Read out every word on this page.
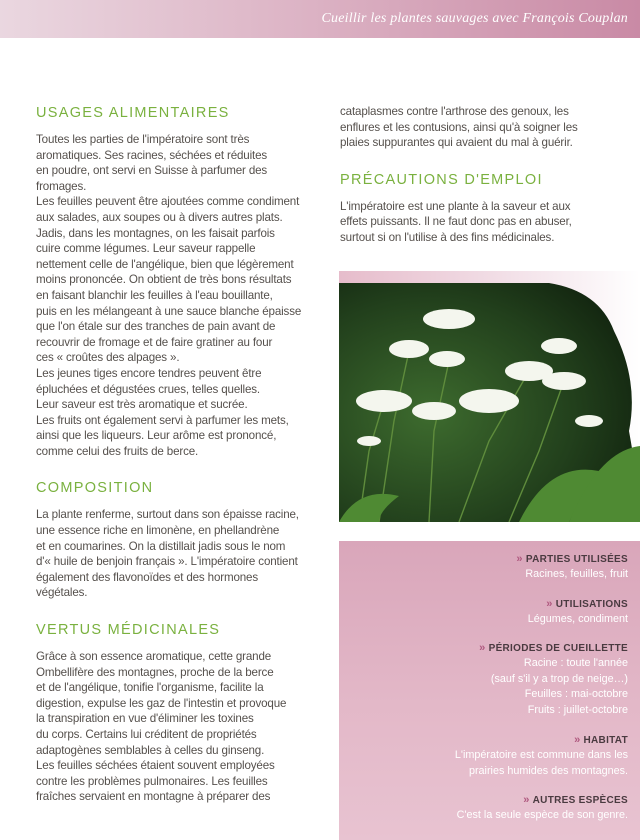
Cueillir les plantes sauvages avec François Couplan
USAGES ALIMENTAIRES

Toutes les parties de l'impératoire sont très

aromatiques. Ses racines, séchées et réduites

en poudre, ont servi en Suisse à parfumer des

fromages.

Les feuilles peuvent être ajoutées comme condiment

aux salades, aux soupes ou à divers autres plats.

Jadis, dans les montagnes, on les faisait parfois

cuire comme légumes. Leur saveur rappelle

nettement celle de l'angélique, bien que légèrement

moins prononcée. On obtient de très bons résultats

en faisant blanchir les feuilles à l'eau bouillante,

puis en les mélangeant à une sauce blanche épaisse

que l'on étale sur des tranches de pain avant de

recouvrir de fromage et de faire gratiner au four

ces « croûtes des alpages ».

Les jeunes tiges encore tendres peuvent être

épluchées et dégustées crues, telles quelles.

Leur saveur est très aromatique et sucrée.

Les fruits ont également servi à parfumer les mets,

ainsi que les liqueurs. Leur arôme est prononcé,

comme celui des fruits de berce.

COMPOSITION

La plante renferme, surtout dans son épaisse racine,

une essence riche en limonène, en phellandrène

et en coumarines. On la distillait jadis sous le nom

d'« huile de benjoin français ». L'impératoire contient

également des flavonoïdes et des hormones

végétales.

VERTUS MÉDICINALES

Grâce à son essence aromatique, cette grande

Ombellifère des montagnes, proche de la berce

et de l'angélique, tonifie l'organisme, facilite la

digestion, expulse les gaz de l'intestin et provoque

la transpiration en vue d'éliminer les toxines

du corps. Certains lui créditent de propriétés

adaptogènes semblables à celles du ginseng.

Les feuilles séchées étaient souvent employées

contre les problèmes pulmonaires. Les feuilles

fraîches servaient en montagne à préparer des

cataplasmes contre l'arthrose des genoux, les

enflures et les contusions, ainsi qu'à soigner les

plaies suppurantes qui avaient du mal à guérir.

PRÉCAUTIONS D'EMPLOI

L'impératoire est une plante à la saveur et aux

effets puissants. Il ne faut donc pas en abuser,

surtout si on l'utilise à des fins médicinales.

» PARTIES UTILISÉES
Racines, feuilles, fruit
» UTILISATIONS
Légumes, condiment
» PÉRIODES DE CUEILLETTE
Racine : toute l'année
(sauf s'il y a trop de neige…)
Feuilles : mai-octobre
Fruits : juillet-octobre
» HABITAT
L'impératoire est commune dans les
prairies humides des montagnes.
» AUTRES ESPÈCES
C'est la seule espèce de son genre.
